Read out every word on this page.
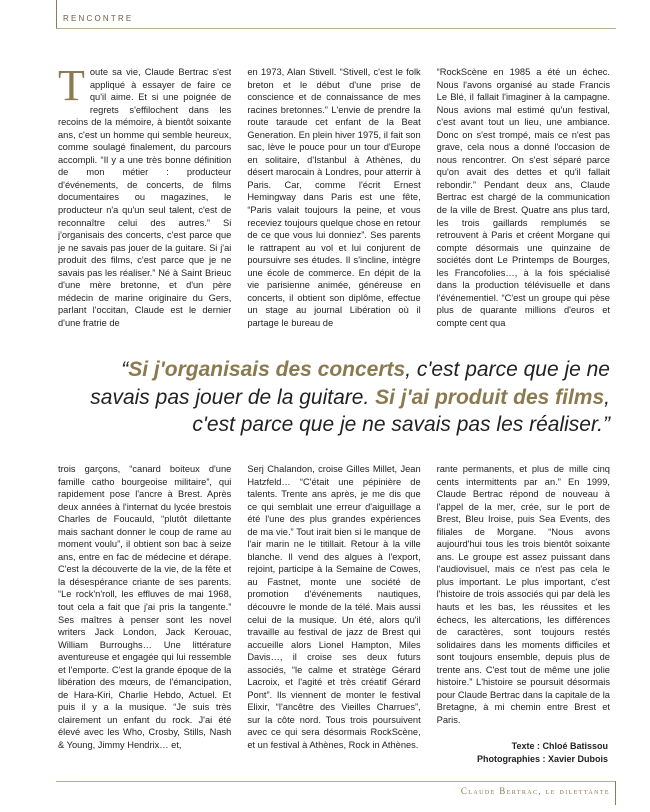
RENCONTRE
Toute sa vie, Claude Bertrac s'est appliqué à essayer de faire ce qu'il aime. Et si une poignée de regrets s'effilochent dans les recoins de la mémoire, à bientôt soixante ans, c'est un homme qui semble heureux, comme soulagé finalement, du parcours accompli. “Il y a une très bonne définition de mon métier : producteur d'événements, de concerts, de films documentaires ou magazines, le producteur n'a qu'un seul talent, c'est de reconnaître celui des autres.” Si j'organisais des concerts, c'est parce que je ne savais pas jouer de la guitare. Si j'ai produit des films, c'est parce que je ne savais pas les réaliser.” Né à Saint Brieuc d'une mère bretonne, et d'un père médecin de marine originaire du Gers, parlant l'occitan, Claude est le dernier d'une fratrie de
en 1973, Alan Stivell. “Stivell, c'est le folk breton et le début d'une prise de conscience et de connaissance de mes racines bretonnes.” L'envie de prendre la route taraude cet enfant de la Beat Generation. En plein hiver 1975, il fait son sac, lève le pouce pour un tour d'Europe en solitaire, d'Istanbul à Athènes, du désert marocain à Londres, pour atterrir à Paris. Car, comme l'écrit Ernest Hemingway dans Paris est une fête, “Paris valait toujours la peine, et vous receviez toujours quelque chose en retour de ce que vous lui donniez”. Ses parents le rattrapent au vol et lui conjurent de poursuivre ses études. Il s'incline, intègre une école de commerce. En dépit de la vie parisienne animée, généreuse en concerts, il obtient son diplôme, effectue un stage au journal Libération où il partage le bureau de
“RockScène en 1985 a été un échec. Nous l'avons organisé au stade Francis Le Blé, il fallait l'imaginer à la campagne. Nous avions mal estimé qu'un festival, c'est avant tout un lieu, une ambiance. Donc on s'est trompé, mais ce n'est pas grave, cela nous a donné l'occasion de nous rencontrer. On s'est séparé parce qu'on avait des dettes et qu'il fallait rebondir.” Pendant deux ans, Claude Bertrac est chargé de la communication de la ville de Brest. Quatre ans plus tard, les trois gaillards remplumés se retrouvent à Paris et créent Morgane qui compte désormais une quinzaine de sociétés dont Le Printemps de Bourges, les Francofolies…, à la fois spécialisé dans la production télévisuelle et dans l'événementiel. “C'est un groupe qui pèse plus de quarante millions d'euros et compte cent qua
“Si j'organisais des concerts, c'est parce que je ne savais pas jouer de la guitare. Si j'ai produit des films, c'est parce que je ne savais pas les réaliser.”
trois garçons, “canard boiteux d'une famille catho bourgeoise militaire”, qui rapidement pose l'ancre à Brest. Après deux années à l'internat du lycée brestois Charles de Foucauld, “plutôt dilettante mais sachant donner le coup de rame au moment voulu”, il obtient son bac à seize ans, entre en fac de médecine et dérape. C'est la découverte de la vie, de la fête et la désespérance criante de ses parents. “Le rock'n'roll, les effluves de mai 1968, tout cela a fait que j'ai pris la tangente.” Ses maîtres à penser sont les novel writers Jack London, Jack Kerouac, William Burroughs… Une littérature aventureuse et engagée qui lui ressemble et l'emporte. C'est la grande époque de la libération des mœurs, de l'émancipation, de Hara-Kiri, Charlie Hebdo, Actuel. Et puis il y a la musique. “Je suis très clairement un enfant du rock. J'ai été élevé avec les Who, Crosby, Stills, Nash & Young, Jimmy Hendrix… et,
Serj Chalandon, croise Gilles Millet, Jean Hatzfeld… “C'était une pépinière de talents. Trente ans après, je me dis que ce qui semblait une erreur d'aiguillage a été l'une des plus grandes expériences de ma vie.” Tout irait bien si le manque de l'air marin ne le titillait. Retour à la ville blanche. Il vend des algues à l'export, rejoint, participe à la Semaine de Cowes, au Fastnet, monte une société de promotion d'événements nautiques, découvre le monde de la télé. Mais aussi celui de la musique. Un été, alors qu'il travaille au festival de jazz de Brest qui accueille alors Lionel Hampton, Miles Davis…, il croise ses deux futurs associés, “le calme et stratège Gérard Lacroix, et l'agité et très créatif Gérard Pont”. Ils viennent de monter le festival Elixir, “l'ancêtre des Vieilles Charrues”, sur la côte nord. Tous trois poursuivent avec ce qui sera désormais RockScène, et un festival à Athènes, Rock in Athènes.
rante permanents, et plus de mille cinq cents intermittents par an.” En 1999, Claude Bertrac répond de nouveau à l'appel de la mer, crée, sur le port de Brest, Bleu Iroise, puis Sea Events, des filiales de Morgane. “Nous avons aujourd'hui tous les trois bientôt soixante ans. Le groupe est assez puissant dans l'audiovisuel, mais ce n'est pas cela le plus important. Le plus important, c'est l'histoire de trois associés qui par delà les hauts et les bas, les réussites et les échecs, les altercations, les différences de caractères, sont toujours restés solidaires dans les moments difficiles et sont toujours ensemble, depuis plus de trente ans. C'est tout de même une jolie histoire.” L'histoire se poursuit désormais pour Claude Bertrac dans la capitale de la Bretagne, à mi chemin entre Brest et Paris.
Texte : Chloé Batissou
Photographies : Xavier Dubois
Claude Bertrac, le dilettante
